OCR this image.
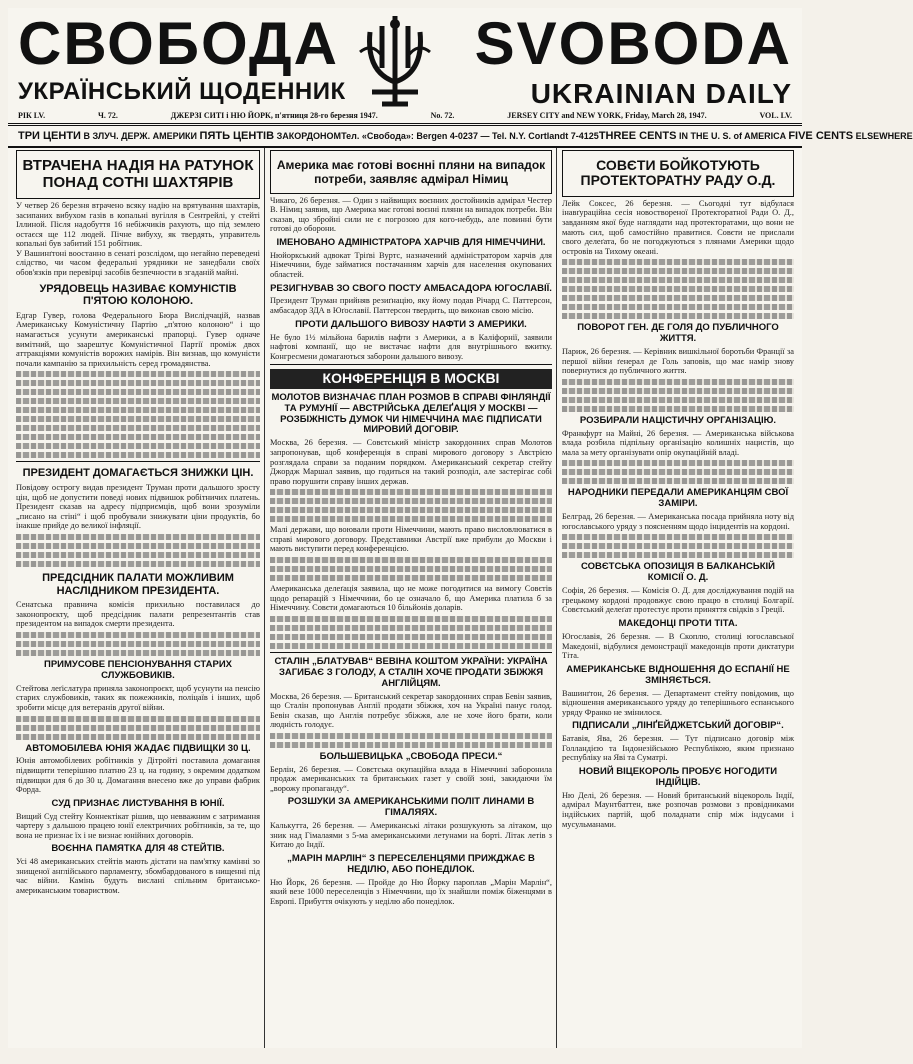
СВОБОДА SVOBODA
УКРАЇНСЬКИЙ ЩОДЕННИК	UKRAINIAN DAILY
РІК LV.	Ч. 72.	ДЖЕРЗІ СИТІ і НЮ ЙОРК, п'ятниця 28-го березня 1947.	No. 72.	JERSEY CITY and NEW YORK, Friday, March 28, 1947.	VOL. LV.
ТРИ ЦЕНТИ В ЗЛУЧ. ДЕРЖ. АМЕРИКИ ПЯТЬ ЦЕНТІВ ЗАКОРДОНОМ Тел. «Свобода»: Bergen 4-0237 — Tel. N.Y. Cortlandt 7-4125 THREE CENTS IN THE U. S. of AMERICA FIVE CENTS ELSEWHERE
ВТРАЧЕНА НАДІЯ НА РАТУНОК ПОНАД СОТНІ ШАХТЯРІВ

У четвер 26 березня втрачено всяку надію на врятування шахтарів, засипаних вибухом газів в копальні вугілля в Сентрейлі, у стейті Іллиной. Після надобуття 16 небіжчиків рахують, що під землею остаєся ще 112 людей. Пічне вибуху, як твердять, управитель копальні був забитий 151 робітник.

У Вашинґтоні воостанно в сенаті розслідом, що негайно переведені слідство, чи часом федеральні урядники не занедбали своїх обов'язків при перевірці засобів безпечности в згаданій майні.

УРЯДОВЕЦЬ НАЗИВАЄ КОМУНІСТІВ П'ЯТОЮ КОЛОНОЮ.

Едгар Гувер, голова Федерального Бюра Вислідчацій, назвав Американську Комуністичну Партію „п'ятою колоною“ і що намагається усунути американські прапорці. Гувер одначе вимітний, що заарештує Комуністичної Партії проміж двох аттракціями комуністів ворожих намірів. Він визнав, що комуністи почали кампанію за прихильність серед громадянства.

ПРЕЗИДЕНТ ДОМАГАЄТЬСЯ ЗНИЖКИ ЦІН.

Повідову острогу видав президент Труман проти дальшого зросту цін, щоб не допустити поведі нових підвишок робітничих платень. Президент сказав на адресу підприємців, щоб вони зрозуміли „писано на стіні“ і щоб пробували знижувати ціни продуктів, бо інакше прийде до великої інфляції.

ПРЕДСІДНИК ПАЛАТИ МОЖЛИВИМ НАСЛІДНИКОМ ПРЕЗИДЕНТА.

Сенатська правнича комісія прихильно поставилася до законопроєкту, щоб предсідник палати репрезентантів став президентом на випадок смерти президента.

ПРИМУСОВЕ ПЕНСІОНУВАННЯ СТАРИХ СЛУЖБОВИКІВ.

Стейтова леґіслатура приняла законопроєкт, щоб усунути на пенсію старих службовиків, таких як пожежників, поліцаїв і інших, щоб зробити місце для ветеранів другої війни.

АВТОМОБІЛЕВА ЮНІЯ ЖАДАЄ ПІДВИЩКИ 30 Ц.

Юнія автомобілевих робітників у Дітройті поставила домагання підвищити теперішню платню 23 ц. на годину, з окремим додатком підвищки для 6 до 30 ц. Домагання внесено вже до управи фабрик Форда.

СУД ПРИЗНАЄ ЛИСТУВАННЯ В ЮНІЇ.

Вищий Суд стейту Коннектікат рішив, що невважним є затримання чартеру з дальшою працею юнії електричних робітників, за те, що вона не признає їх і не визнає юнійних договорів.

ВОЄННА ПАМЯТКА ДЛЯ 48 СТЕЙТІВ.

Усі 48 американських стейтів мають дістати на пам'ятку камінні зо знищеної англійського парламенту, збомбардованого в нищенні під час війни. Камінь будуть вислані спільним британсько-американським товариством.

Америка має готові воєнні пляни на випадок потреби, заявляє адмірал Німиц

Чикаго, 26 березня. — Один з найвищих воєнних достойників адмірал Честер В. Німиц заявив, що Америка має готові воєнні пляни на випадок потреби. Він сказав, що збройні сили не є погрозою для кого-небудь, але повинні бути готові до оборони.

ІМЕНОВАНО АДМІНІСТРАТОРА ХАРЧІВ ДЛЯ НІМЕЧЧИНИ.

Нюйоркський адвокат Тріґві Вуртс, назначений адміністратором харчів для Німеччини, буде займатися постачанням харчів для населення окупованих областей.

РЕЗИГНУВАВ ЗО СВОГО ПОСТУ АМБАСАДОРА ЮГОСЛАВІЇ.

Президент Труман прийняв резиґнацію, яку йому подав Річард С. Паттерсон, амбасадор ЗДА в Юґославії. Паттерсон твердить, що виконав свою місію.

ПРОТИ ДАЛЬШОГО ВИВОЗУ НАФТИ З АМЕРИКИ.

Не було 1½ мільйона барилів нафти з Америки, а в Каліфорнії, заявили нафтові компанії, що не вистачає нафти для внутрішнього вжитку. Конгресмени домагаються заборони дальшого вивозу.

КОНФЕРЕНЦІЯ В МОСКВІ
МОЛОТОВ ВИЗНАЧАЄ ПЛАН РОЗМОВ В СПРАВІ ФІНЛЯНДІЇ ТА РУМУНІЇ — АВСТРІЙСЬКА ДЕЛЕҐАЦІЯ У МОСКВІ — РОЗБІЖНІСТЬ ДУМОК ЧИ НІМЕЧЧИНА МАЄ ПІДПИСАТИ МИРОВИЙ ДОГОВІР.

Москва, 26 березня. — Совєтський міністр закордонних справ Молотов запропонував, щоб конференція в справі мирового договору з Австрією розглядала справи за поданим порядком. Американський секретар стейту Джордж Маршал заявив, що годиться на такий розподіл, але застерігає собі право порушити справу інших держав.

Малі держави, що воювали проти Німеччини, мають право висловлюватися в справі мирового договору. Представники Австрії вже прибули до Москви і мають виступити перед конференцією.

Американська делеґація заявила, що не може погодитися на вимогу Совєтів щодо репарацій з Німеччини, бо це означало б, що Америка платила б за Німеччину. Совєти домагаються 10 більйонів доларів.

СТАЛІН „БЛАТУВАВ“ ВЕВІНА КОШТОМ УКРАЇНИ: УКРАЇНА ЗАГИБАЄ З ГОЛОДУ, А СТАЛІН ХОЧЕ ПРОДАТИ ЗБІЖЖЯ АНГЛІЙЦЯМ.

Москва, 26 березня. — Британський секретар закордонних справ Бевін заявив, що Сталін пропонував Англії продати збіжжя, хоч на Україні панує голод. Бевін сказав, що Англія потребує збіжжя, але не хоче його брати, коли людність голодує.

БОЛЬШЕВИЦЬКА „СВОБОДА ПРЕСИ.“

Берлін, 26 березня. — Совєтська окупаційна влада в Німеччині заборонила продаж американських та британських газет у своїй зоні, закидаючи їм „ворожу пропаганду“.

РОЗШУКИ ЗА АМЕРИКАНСЬКИМИ ПОЛІТ ЛИНАМИ В ГІМАЛЯЯХ.

Калькутта, 26 березня. — Американські літаки розшукують за літаком, що зник над Гімалаями з 5-ма американськими летунами на борті. Літак летів з Китаю до Індії.

„МАРІН МАРЛІН“ З ПЕРЕСЕЛЕНЦЯМИ ПРИЖДЖАЄ В НЕДІЛЮ, АБО ПОНЕДІЛОК.

Ню Йорк, 26 березня. — Пройде до Ню Йорку пароплав „Марін Марлін“, який везе 1000 переселенців з Німеччини, що їх знайшли поміж біженцями в Европі. Прибуття очікують у неділю або понеділок.

СОВЄТИ БОЙКОТУЮТЬ ПРОТЕКТОРАТНУ РАДУ О.Д.

Лейк Соксес, 26 березня. — Сьогодні тут відбулася інавґураційна сесія новоствореної Протекторатної Ради О. Д., завданням якої буде наглядати над протекторатами, що вони не мають сил, щоб самостійно правитися. Совєти не прислали свого делеґата, бо не погоджуються з плянами Америки щодо островів на Тихому океані.

ПОВОРОТ ГЕН. ДЕ ГОЛЯ ДО ПУБЛИЧНОГО ЖИТТЯ.

Париж, 26 березня. — Керівник вишкільної боротьби Франції за першої війни ґенерал де Голь заповів, що має намір знову повернутися до публичного життя.

РОЗБИРАЛИ НАЦІСТИЧНУ ОРГАНІЗАЦІЮ.

Франкфурт на Майні, 26 березня. — Американська військова влада розбила підпільну організацію колишніх нацистів, що мала за мету організувати опір окупаційній владі.

НАРОДНИКИ ПЕРЕДАЛИ АМЕРИКАНЦЯМ СВОЇ ЗАМІРИ.

Белград, 26 березня. — Американська посада прийняла ноту від югославського уряду з поясненням щодо інцидентів на кордоні.

СОВЄТСЬКА ОПОЗИЦІЯ В БАЛКАНСЬКІЙ КОМІСІЇ О. Д.

Софія, 26 березня. — Комісія О. Д. для досліджування подій на грецькому кордоні продовжує свою працю в столиці Болгарії. Совєтський делеґат протестує проти приняття свідків з Греції.

МАКЕДОНЦІ ПРОТИ ТІТА.

Югославія, 26 березня. — В Скоплю, столиці югославської Македонії, відбулися демонстрації македонців проти диктатури Тіта.

АМЕРИКАНСЬКЕ ВІДНОШЕННЯ ДО ЕСПАНІЇ НЕ ЗМІНЯЄТЬСЯ.

Вашинґтон, 26 березня. — Департамент стейту повідомив, що відношення американського уряду до теперішнього еспанського уряду Франко не змінилося.

ПІДПИСАЛИ „ЛІНҐЕЙДЖЕТСЬКИЙ ДОГОВІР“.

Батавія, Ява, 26 березня. — Тут підписано договір між Голландією та Індонезійською Республікою, яким признано республіку на Яві та Суматрі.

НОВИЙ ВІЦЕКОРОЛЬ ПРОБУЄ НОГОДИТИ ІНДІЙЦІВ.

Ню Делі, 26 березня. — Новий британський віцекороль Індії, адмірал Маунтбаттен, вже розпочав розмови з провідниками індійських партій, щоб поладнати спір між індусами і мусульманами.
